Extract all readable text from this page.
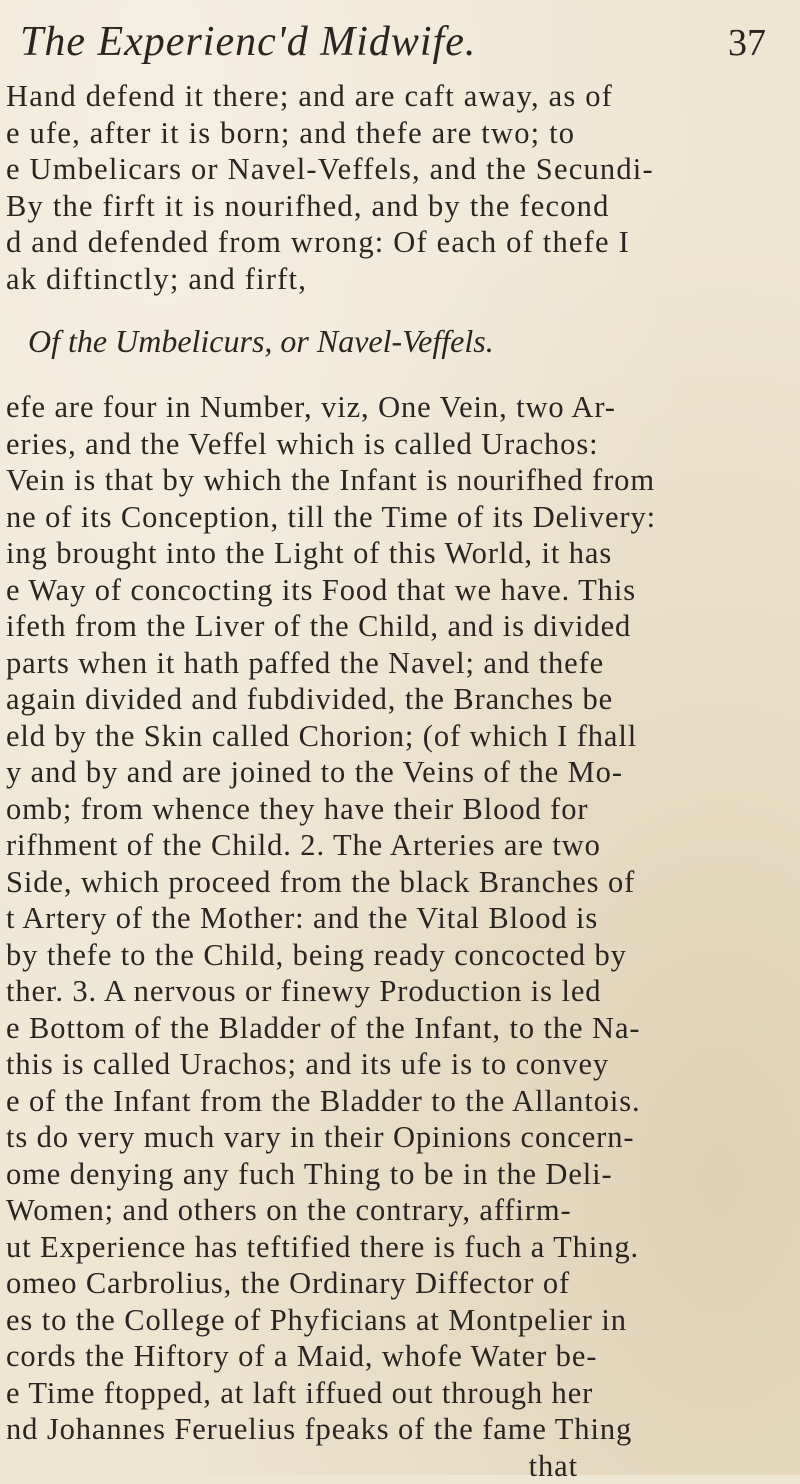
The Experienc'd Midwife.	37
Hand defend it there; and are caft away, as of
e ufe, after it is born; and thefe are two; to
e Umbelicars or Navel-Veffels, and the Secundi-
By the firft it is nourifhed, and by the fecond
d and defended from wrong: Of each of thefe I
ak diftinctly; and firft,
Of the Umbelicurs, or Navel-Veffels.
efe are four in Number, viz, One Vein, two Ar-
eries, and the Veffel which is called Urachos:
Vein is that by which the Infant is nourifhed from
ne of its Conception, till the Time of its Delivery:
ing brought into the Light of this World, it has
e Way of concocting its Food that we have. This
ifeth from the Liver of the Child, and is divided
parts when it hath paffed the Navel; and thefe
again divided and fubdivided, the Branches be
eld by the Skin called Chorion; (of which I fhall
y and by and are joined to the Veins of the Mo-
omb; from whence they have their Blood for
rifhment of the Child. 2. The Arteries are two
Side, which proceed from the black Branches of
t Artery of the Mother: and the Vital Blood is
by thefe to the Child, being ready concocted by
ther. 3. A nervous or finewy Production is led
e Bottom of the Bladder of the Infant, to the Na-
this is called Urachos; and its ufe is to convey
e of the Infant from the Bladder to the Allantois.
ts do very much vary in their Opinions concern-
ome denying any fuch Thing to be in the Deli-
Women; and others on the contrary, affirm-
ut Experience has teftified there is fuch a Thing.
omeo Carbrolius, the Ordinary Diffector of
es to the College of Phyficians at Montpelier in
cords the Hiftory of a Maid, whofe Water be-
e Time ftopped, at laft iffued out through her
nd Johannes Feruelius fpeaks of the fame Thing
that
